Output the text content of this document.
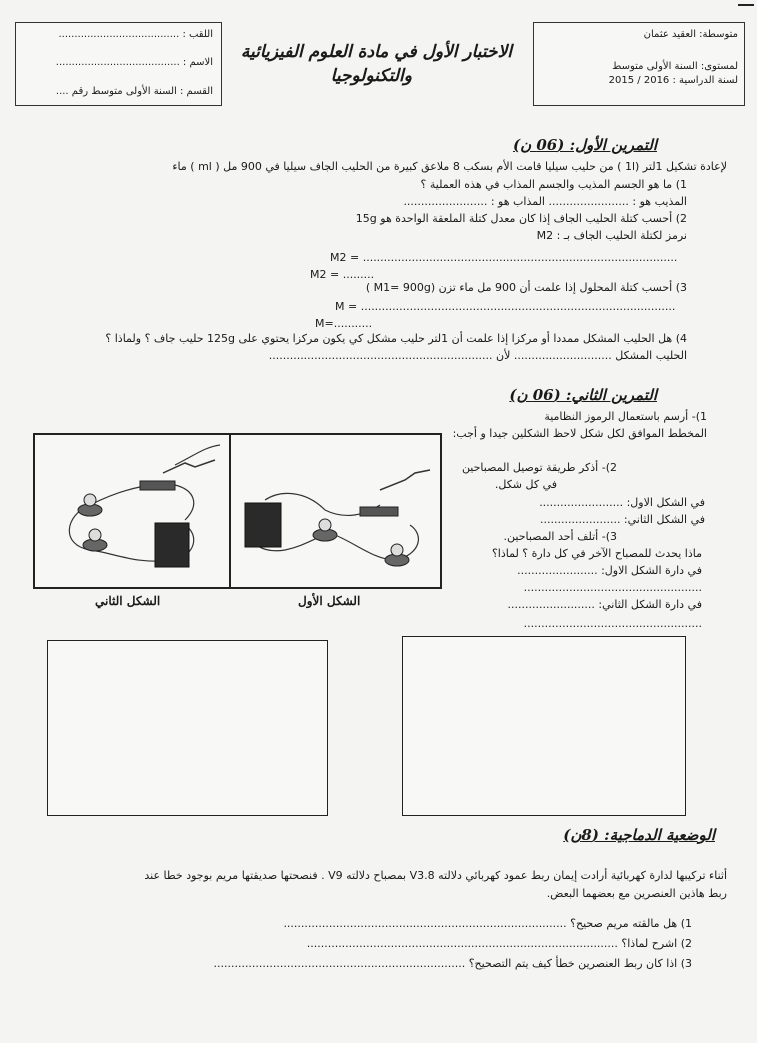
اللقب : ......................................
الاسم : .......................................
القسم : السنة الأولى متوسط رقم ....
الاختبار الأول في مادة العلوم الفيزيائية
والتكنولوجيا
متوسطة: العقيد عثمان
لمستوى: السنة الأولى متوسط
لسنة الدراسية : 2016 / 2015
التمرين الأول: (06 ن)
لإعادة تشكيل 1لتر (1l ) من حليب سيليا قامت الأم بسكب 8 ملاعق كبيرة من الحليب الجاف سيليا في 900 مل ( ml ) ماء
1) ما هو الجسم المذيب والجسم المذاب في هذه العملية ؟
المذيب هو : ....................... المذاب هو : ........................
2) أحسب كتلة الحليب الجاف إذا كان معدل كتلة الملعقة الواحدة هو 15g
نرمز لكتلة الحليب الجاف بـ : M2
M2 = ..........................................................................................
M2 = .........
3) أحسب كتلة المحلول إذا علمت أن 900 مل ماء تزن (M1= 900g )
M = ..........................................................................................
M=...........
4) هل الحليب المشكل ممددا أو مركزا إذا علمت أن 1لتر حليب مشكل كي يكون مركزا يحتوي على 125g حليب جاف ؟ ولماذا ؟
الحليب المشكل ............................ لأن ................................................................
التمرين الثاني: (06 ن)
1)- أرسم باستعمال الرموز النظامية
المخطط الموافق لكل شكل لاحظ الشكلين جيدا و أجب:
2)- أذكر طريقة توصيل المصباحين
في كل شكل.
في الشكل الاول: ........................
في الشكل الثاني: .......................
3)- أتلف أحد المصباحين.
ماذا يحدث للمصباح الآخر في كل دارة ؟ لماذا؟
في دارة الشكل الاول: .......................
...................................................
في دارة الشكل الثاني: .........................
...................................................
الشكل الثاني	الشكل الأول
الوضعية الدماجية: (8ن)
أثناء تركيبها لدارة كهربائية أرادت إيمان ربط عمود كهربائي دلالته V3.8 بمصباح دلالته V9 . فنصحتها صديقتها مريم بوجود خطا عند
ربط هاذين العنصرين مع بعضهما البعض.
1) هل مالقته مريم صحيح؟ .................................................................................
2) اشرح لماذا؟ .........................................................................................
3) اذا كان ربط العنصرين خطأ كيف يتم التصحيح؟ ........................................................................
